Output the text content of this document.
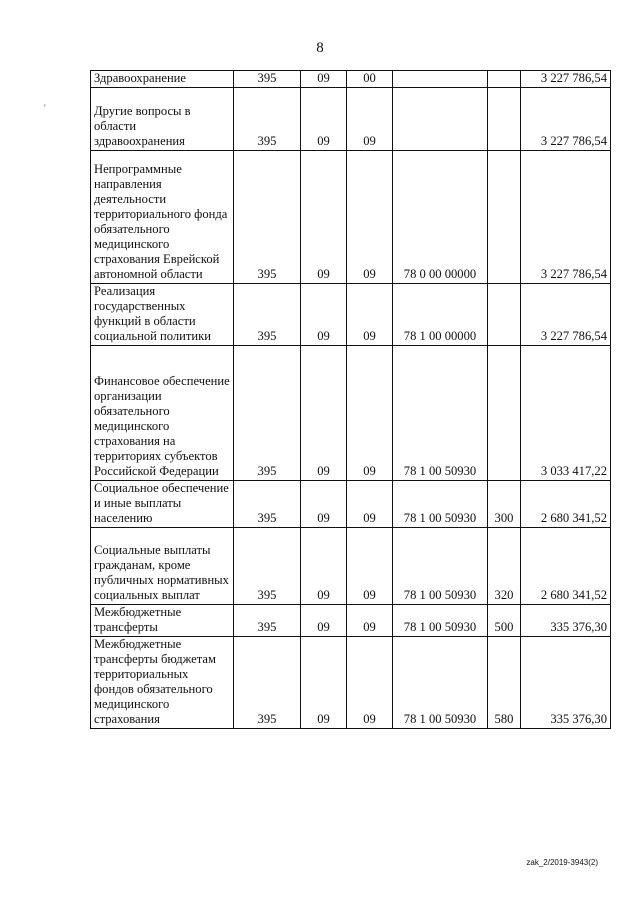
8
'
Здравоохранение	395	09	00			3 227 786,54
Другие вопросы в области здравоохранения	395	09	09			3 227 786,54
Непрограммные направления деятельности территориального фонда обязательного медицинского страхования Еврейской автономной области	395	09	09	78 0 00 00000		3 227 786,54
Реализация государственных функций в области социальной политики	395	09	09	78 1 00 00000		3 227 786,54
Финансовое обеспечение организации обязательного медицинского страхования на территориях субъектов Российской Федерации	395	09	09	78 1 00 50930		3 033 417,22
Социальное обеспечение и иные выплаты населению	395	09	09	78 1 00 50930	300	2 680 341,52
Социальные выплаты гражданам, кроме публичных нормативных социальных выплат	395	09	09	78 1 00 50930	320	2 680 341,52
Межбюджетные трансферты	395	09	09	78 1 00 50930	500	335 376,30
Межбюджетные трансферты бюджетам территориальных фондов обязательного медицинского страхования	395	09	09	78 1 00 50930	580	335 376,30
zak_2/2019-3943(2)
